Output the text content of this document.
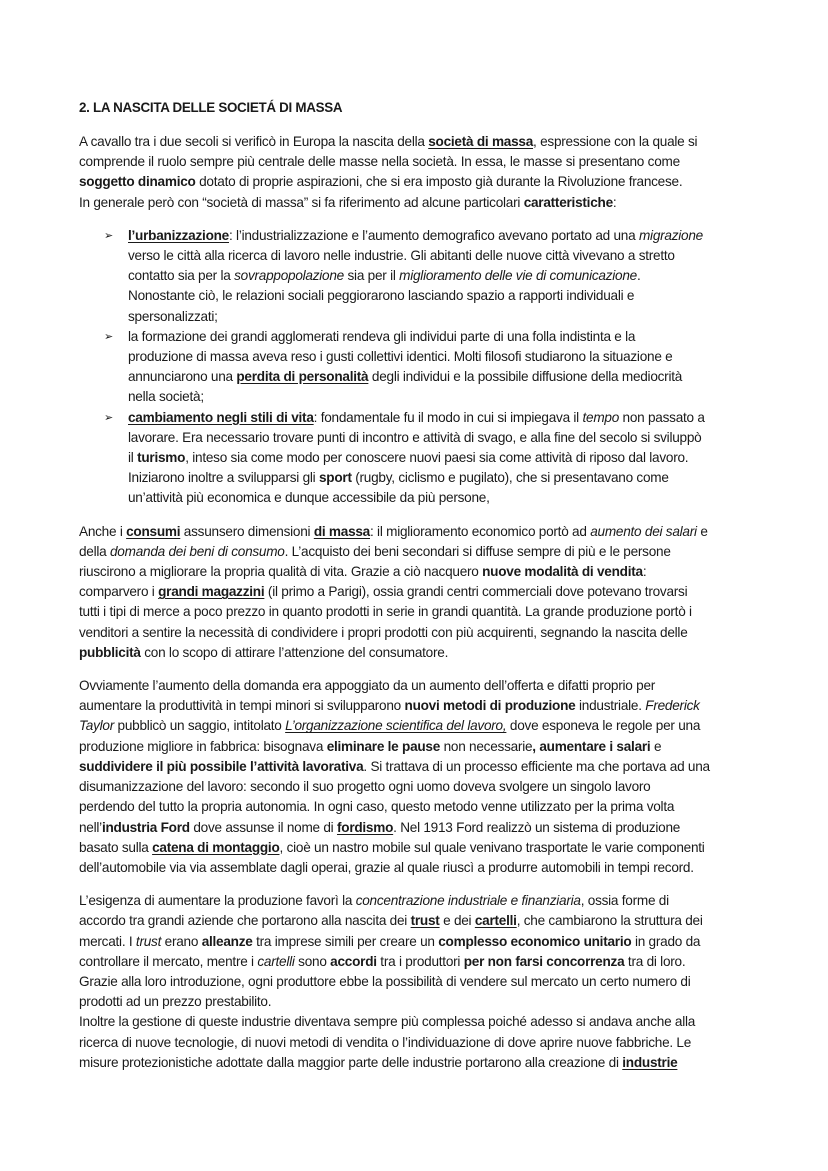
2. LA NASCITA DELLE SOCIETÁ DI MASSA
A cavallo tra i due secoli si verificò in Europa la nascita della società di massa, espressione con la quale si
comprende il ruolo sempre più centrale delle masse nella società. In essa, le masse si presentano come
soggetto dinamico dotato di proprie aspirazioni, che si era imposto già durante la Rivoluzione francese.
In generale però con “società di massa” si fa riferimento ad alcune particolari caratteristiche:
➢ l’urbanizzazione: l’industrializzazione e l’aumento demografico avevano portato ad una migrazione
verso le città alla ricerca di lavoro nelle industrie. Gli abitanti delle nuove città vivevano a stretto
contatto sia per la sovrappopolazione sia per il miglioramento delle vie di comunicazione.
Nonostante ciò, le relazioni sociali peggiorarono lasciando spazio a rapporti individuali e
spersonalizzati;
➢ la formazione dei grandi agglomerati rendeva gli individui parte di una folla indistinta e la
produzione di massa aveva reso i gusti collettivi identici. Molti filosofi studiarono la situazione e
annunciarono una perdita di personalità degli individui e la possibile diffusione della mediocrità
nella società;
➢ cambiamento negli stili di vita: fondamentale fu il modo in cui si impiegava il tempo non passato a
lavorare. Era necessario trovare punti di incontro e attività di svago, e alla fine del secolo si sviluppò
il turismo, inteso sia come modo per conoscere nuovi paesi sia come attività di riposo dal lavoro.
Iniziarono inoltre a svilupparsi gli sport (rugby, ciclismo e pugilato), che si presentavano come
un’attività più economica e dunque accessibile da più persone,
Anche i consumi assunsero dimensioni di massa: il miglioramento economico portò ad aumento dei salari e
della domanda dei beni di consumo. L’acquisto dei beni secondari si diffuse sempre di più e le persone
riuscirono a migliorare la propria qualità di vita. Grazie a ciò nacquero nuove modalità di vendita:
comparvero i grandi magazzini (il primo a Parigi), ossia grandi centri commerciali dove potevano trovarsi
tutti i tipi di merce a poco prezzo in quanto prodotti in serie in grandi quantità. La grande produzione portò i
venditori a sentire la necessità di condividere i propri prodotti con più acquirenti, segnando la nascita delle
pubblicità con lo scopo di attirare l’attenzione del consumatore.
Ovviamente l’aumento della domanda era appoggiato da un aumento dell’offerta e difatti proprio per
aumentare la produttività in tempi minori si svilupparono nuovi metodi di produzione industriale. Frederick
Taylor pubblicò un saggio, intitolato L’organizzazione scientifica del lavoro, dove esponeva le regole per una
produzione migliore in fabbrica: bisognava eliminare le pause non necessarie, aumentare i salari e
suddividere il più possibile l’attività lavorativa. Si trattava di un processo efficiente ma che portava ad una
disumanizzazione del lavoro: secondo il suo progetto ogni uomo doveva svolgere un singolo lavoro
perdendo del tutto la propria autonomia. In ogni caso, questo metodo venne utilizzato per la prima volta
nell’industria Ford dove assunse il nome di fordismo. Nel 1913 Ford realizzò un sistema di produzione
basato sulla catena di montaggio, cioè un nastro mobile sul quale venivano trasportate le varie componenti
dell’automobile via via assemblate dagli operai, grazie al quale riuscì a produrre automobili in tempi record.
L’esigenza di aumentare la produzione favorì la concentrazione industriale e finanziaria, ossia forme di
accordo tra grandi aziende che portarono alla nascita dei trust e dei cartelli, che cambiarono la struttura dei
mercati. I trust erano alleanze tra imprese simili per creare un complesso economico unitario in grado da
controllare il mercato, mentre i cartelli sono accordi tra i produttori per non farsi concorrenza tra di loro.
Grazie alla loro introduzione, ogni produttore ebbe la possibilità di vendere sul mercato un certo numero di
prodotti ad un prezzo prestabilito.
Inoltre la gestione di queste industrie diventava sempre più complessa poiché adesso si andava anche alla
ricerca di nuove tecnologie, di nuovi metodi di vendita o l’individuazione di dove aprire nuove fabbriche. Le
misure protezionistiche adottate dalla maggior parte delle industrie portarono alla creazione di industrie
